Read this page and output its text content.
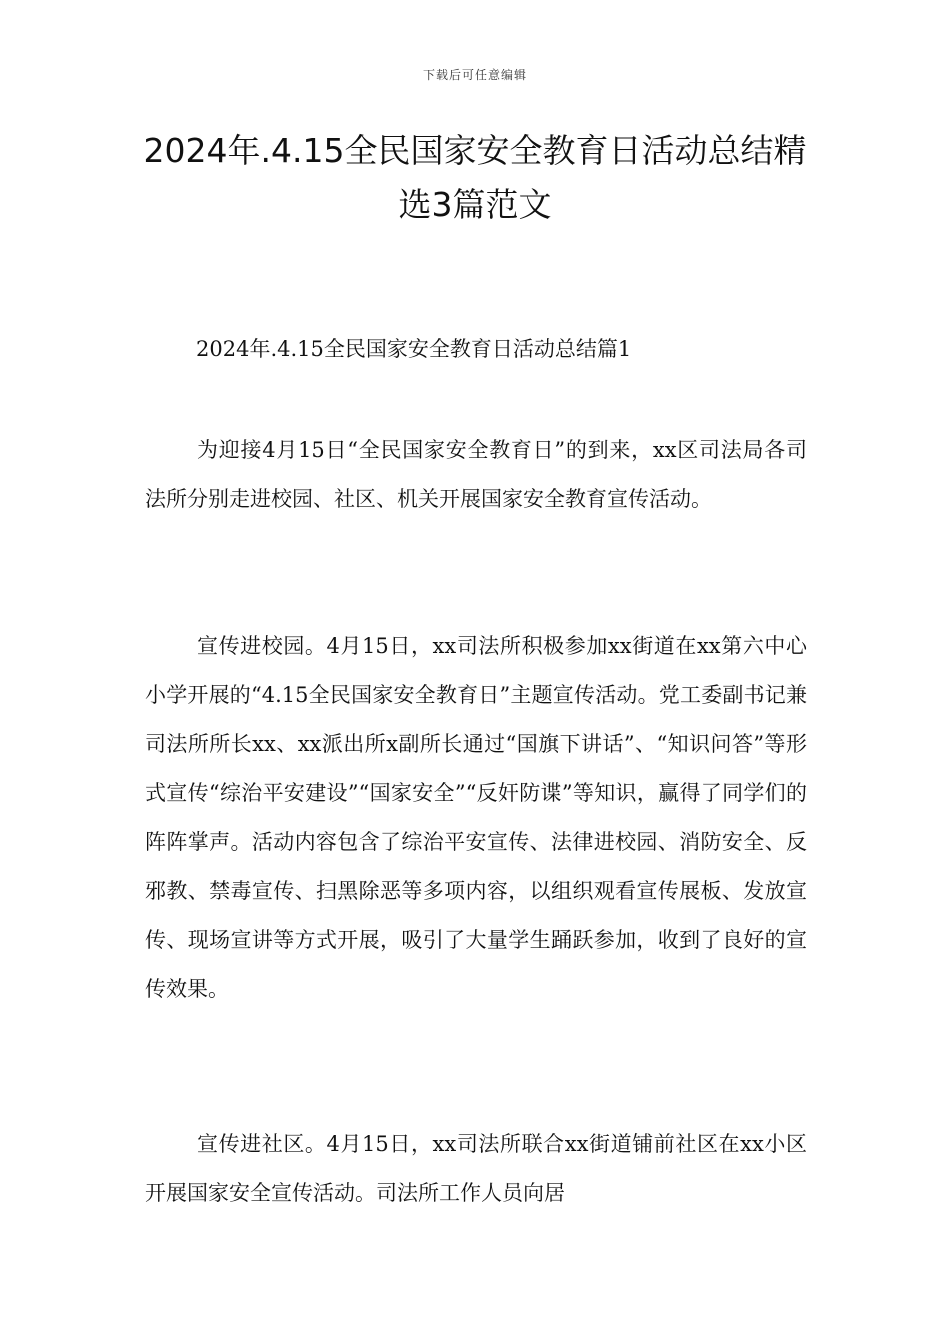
下载后可任意编辑
2024年.4.15全民国家安全教育日活动总结精选3篇范文
2024年.4.15全民国家安全教育日活动总结篇1

为迎接4月15日“全民国家安全教育日”的到来，xx区司法局各司法所分别走进校园、社区、机关开展国家安全教育宣传活动。

宣传进校园。4月15日，xx司法所积极参加xx街道在xx第六中心小学开展的“4.15全民国家安全教育日”主题宣传活动。党工委副书记兼司法所所长xx、xx派出所x副所长通过“国旗下讲话”、“知识问答”等形式宣传“综治平安建设”“国家安全”“反奸防谍”等知识，赢得了同学们的阵阵掌声。活动内容包含了综治平安宣传、法律进校园、消防安全、反邪教、禁毒宣传、扫黑除恶等多项内容，以组织观看宣传展板、发放宣传、现场宣讲等方式开展，吸引了大量学生踊跃参加，收到了良好的宣传效果。

宣传进社区。4月15日，xx司法所联合xx街道铺前社区在xx小区开展国家安全宣传活动。司法所工作人员向居
